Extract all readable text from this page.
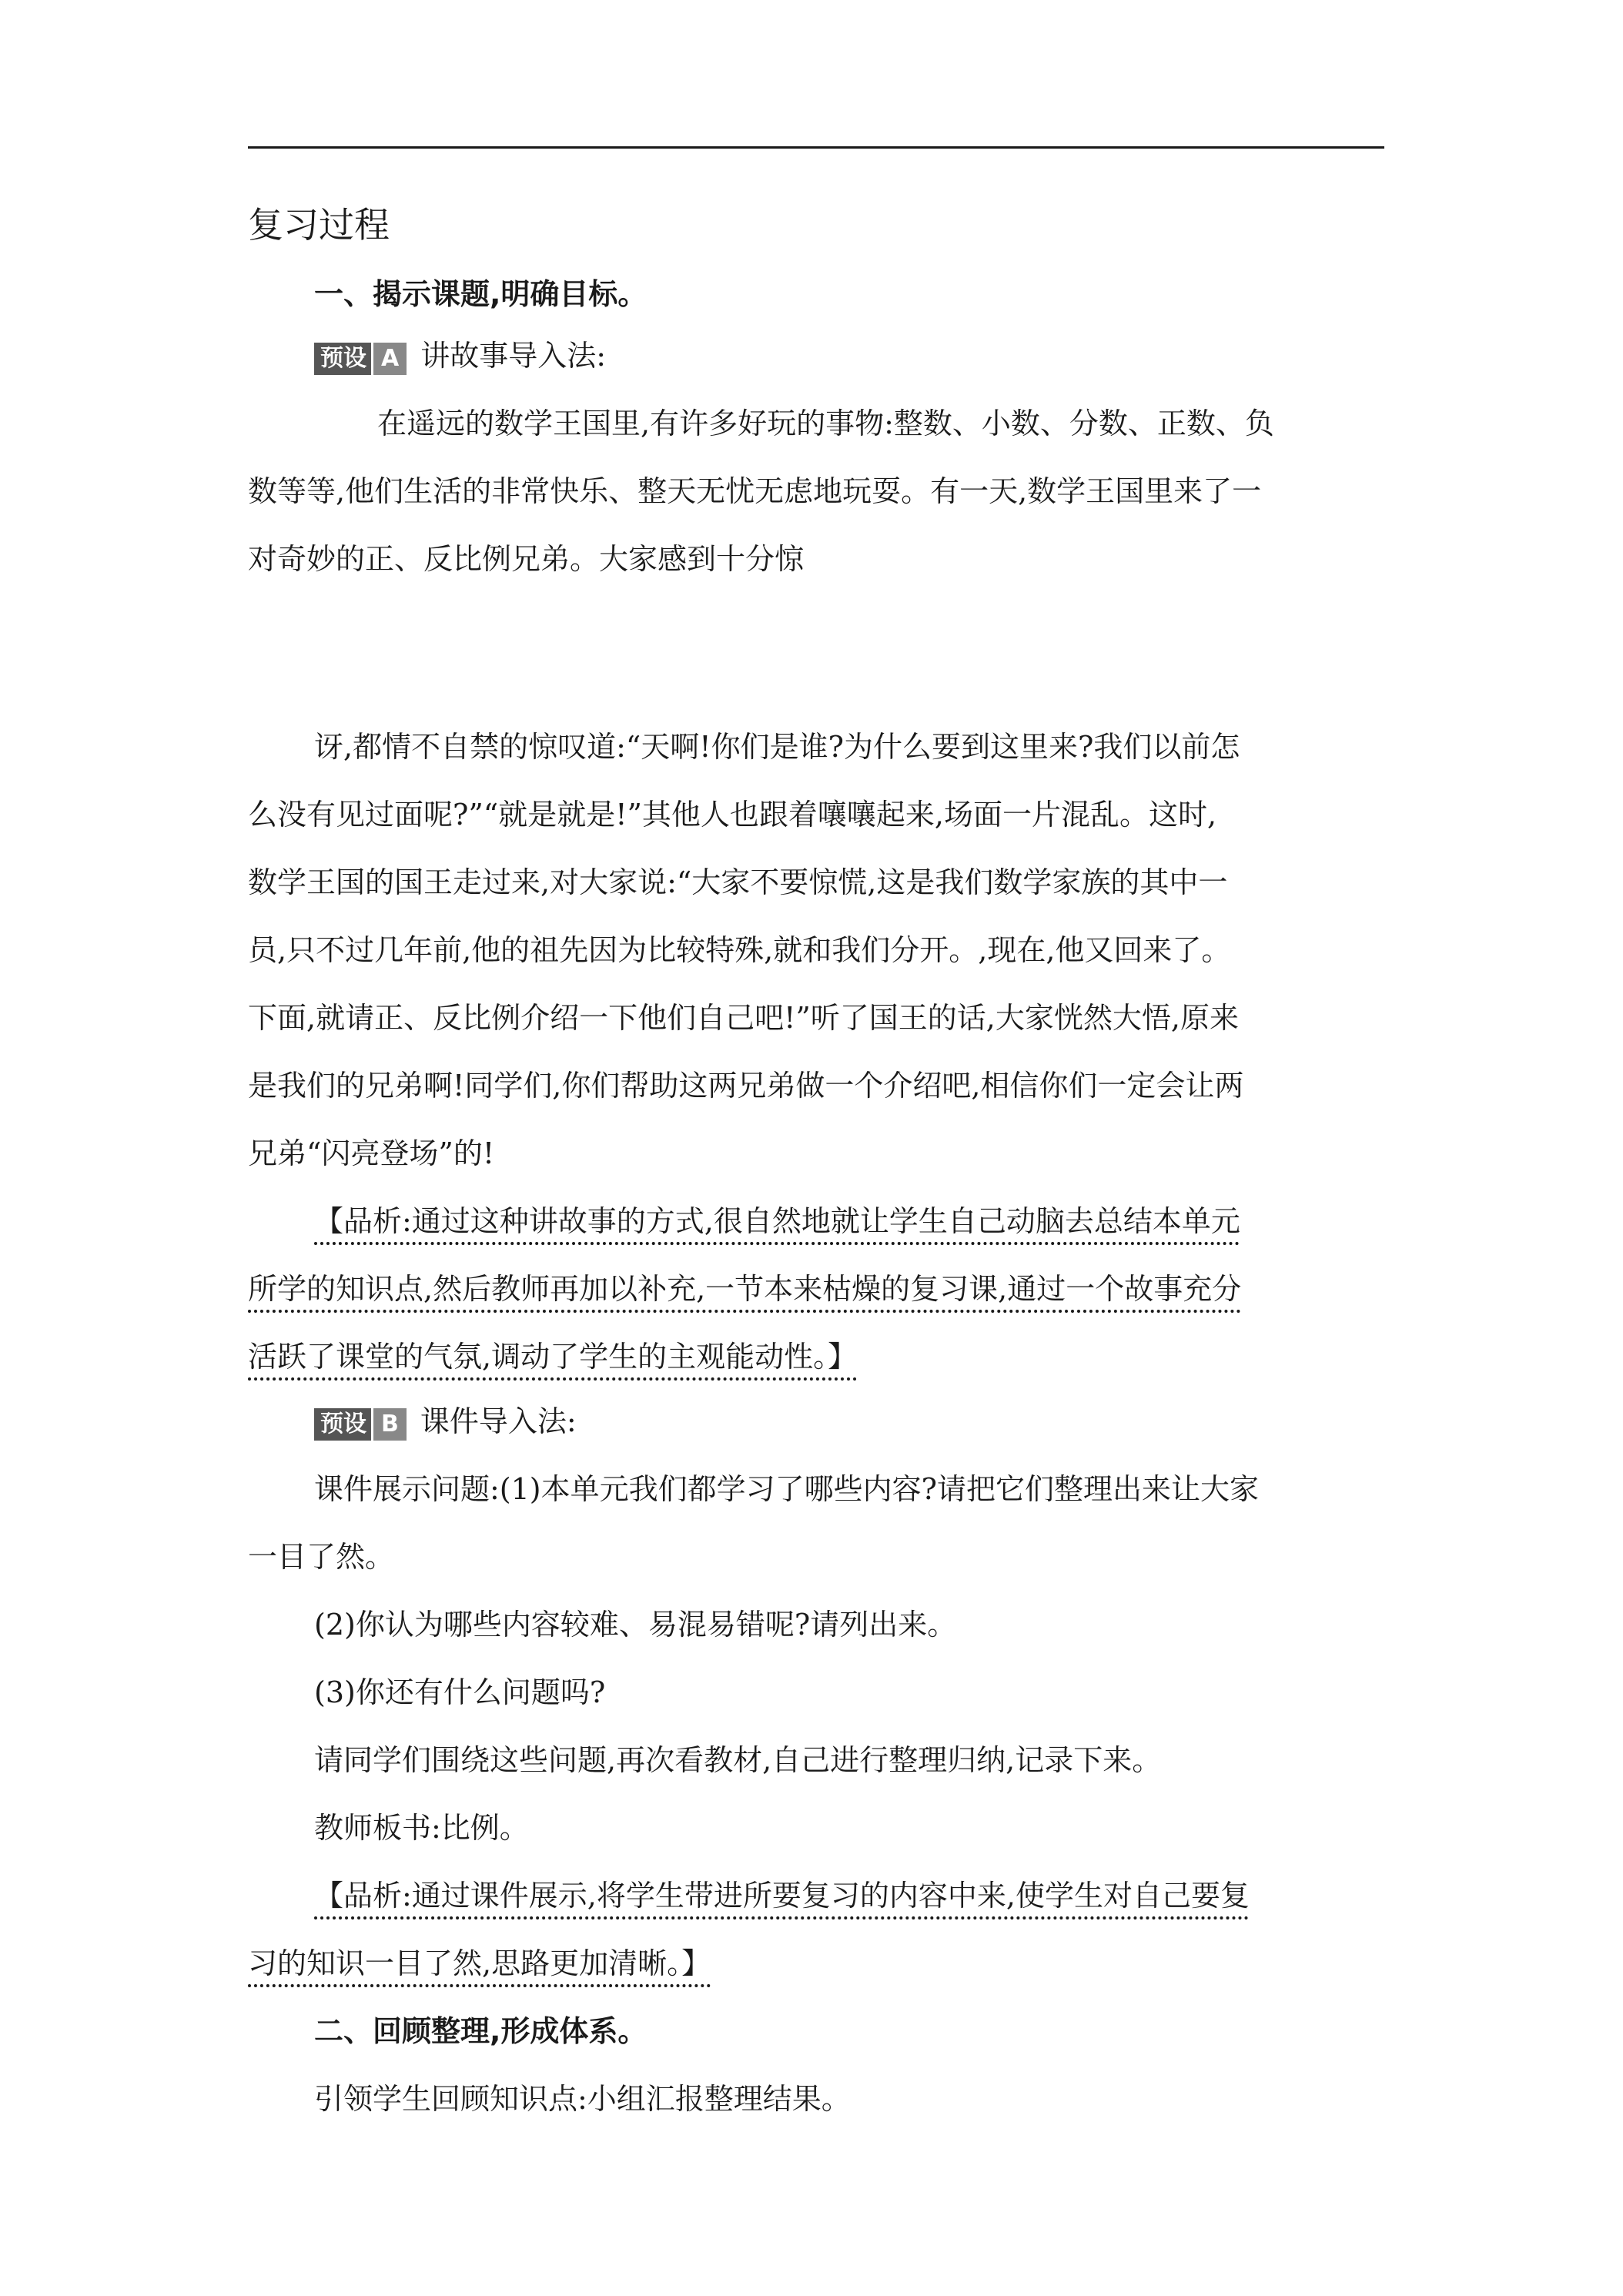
复习过程
一、揭示课题,明确目标。
预设 A 讲故事导入法:
在遥远的数学王国里,有许多好玩的事物:整数、小数、分数、正数、负
数等等,他们生活的非常快乐、整天无忧无虑地玩耍。有一天,数学王国里来了一
对奇妙的正、反比例兄弟。大家感到十分惊
讶,都情不自禁的惊叹道:“天啊!你们是谁?为什么要到这里来?我们以前怎
么没有见过面呢?”“就是就是!”其他人也跟着嚷嚷起来,场面一片混乱。这时,
数学王国的国王走过来,对大家说:“大家不要惊慌,这是我们数学家族的其中一
员,只不过几年前,他的祖先因为比较特殊,就和我们分开。,现在,他又回来了。
下面,就请正、反比例介绍一下他们自己吧!”听了国王的话,大家恍然大悟,原来
是我们的兄弟啊!同学们,你们帮助这两兄弟做一个介绍吧,相信你们一定会让两
兄弟“闪亮登场”的!
【品析:通过这种讲故事的方式,很自然地就让学生自己动脑去总结本单元
所学的知识点,然后教师再加以补充,一节本来枯燥的复习课,通过一个故事充分
活跃了课堂的气氛,调动了学生的主观能动性。】
预设 B 课件导入法:
课件展示问题:(1)本单元我们都学习了哪些内容?请把它们整理出来让大家
一目了然。
(2)你认为哪些内容较难、易混易错呢?请列出来。
(3)你还有什么问题吗?
请同学们围绕这些问题,再次看教材,自己进行整理归纳,记录下来。
教师板书:比例。
【品析:通过课件展示,将学生带进所要复习的内容中来,使学生对自己要复
习的知识一目了然,思路更加清晰。】
二、回顾整理,形成体系。
引领学生回顾知识点:小组汇报整理结果。
